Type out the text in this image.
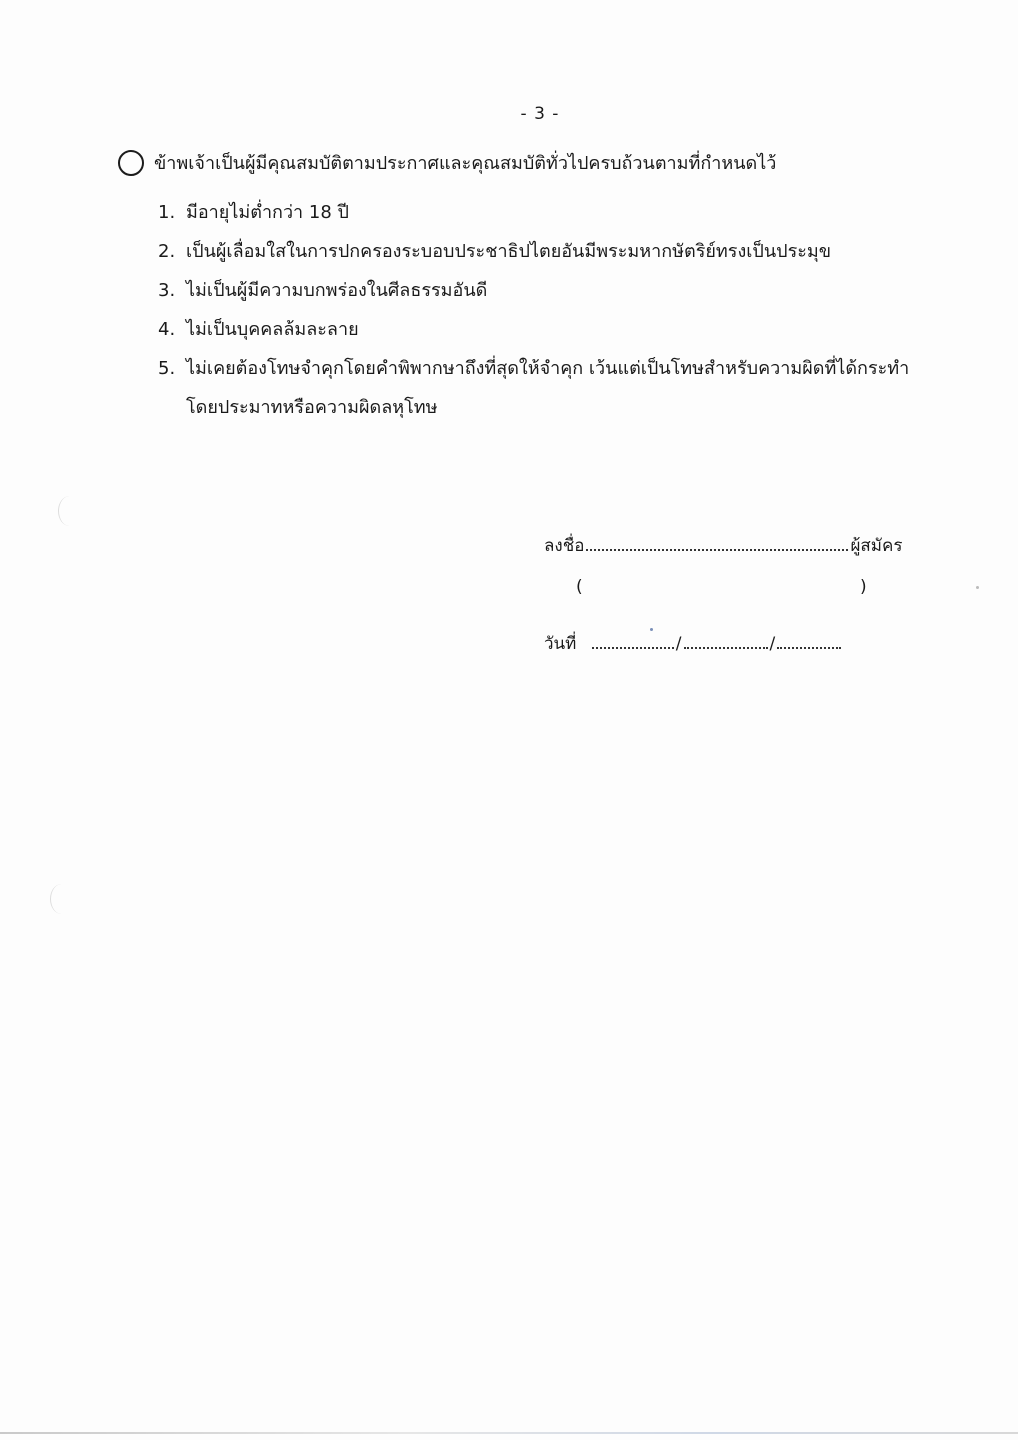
- 3 -
ข้าพเจ้าเป็นผู้มีคุณสมบัติตามประกาศและคุณสมบัติทั่วไปครบถ้วนตามที่กำหนดไว้
1. มีอายุไม่ต่ำกว่า 18 ปี
2. เป็นผู้เลื่อมใสในการปกครองระบอบประชาธิปไตยอันมีพระมหากษัตริย์ทรงเป็นประมุข
3. ไม่เป็นผู้มีความบกพร่องในศีลธรรมอันดี
4. ไม่เป็นบุคคลล้มละลาย
5. ไม่เคยต้องโทษจำคุกโดยคำพิพากษาถึงที่สุดให้จำคุก เว้นแต่เป็นโทษสำหรับความผิดที่ได้กระทำ
โดยประมาทหรือความผิดลหุโทษ
ลงชื่อ	ผู้สมัคร
(	)
วันที่	/	/
